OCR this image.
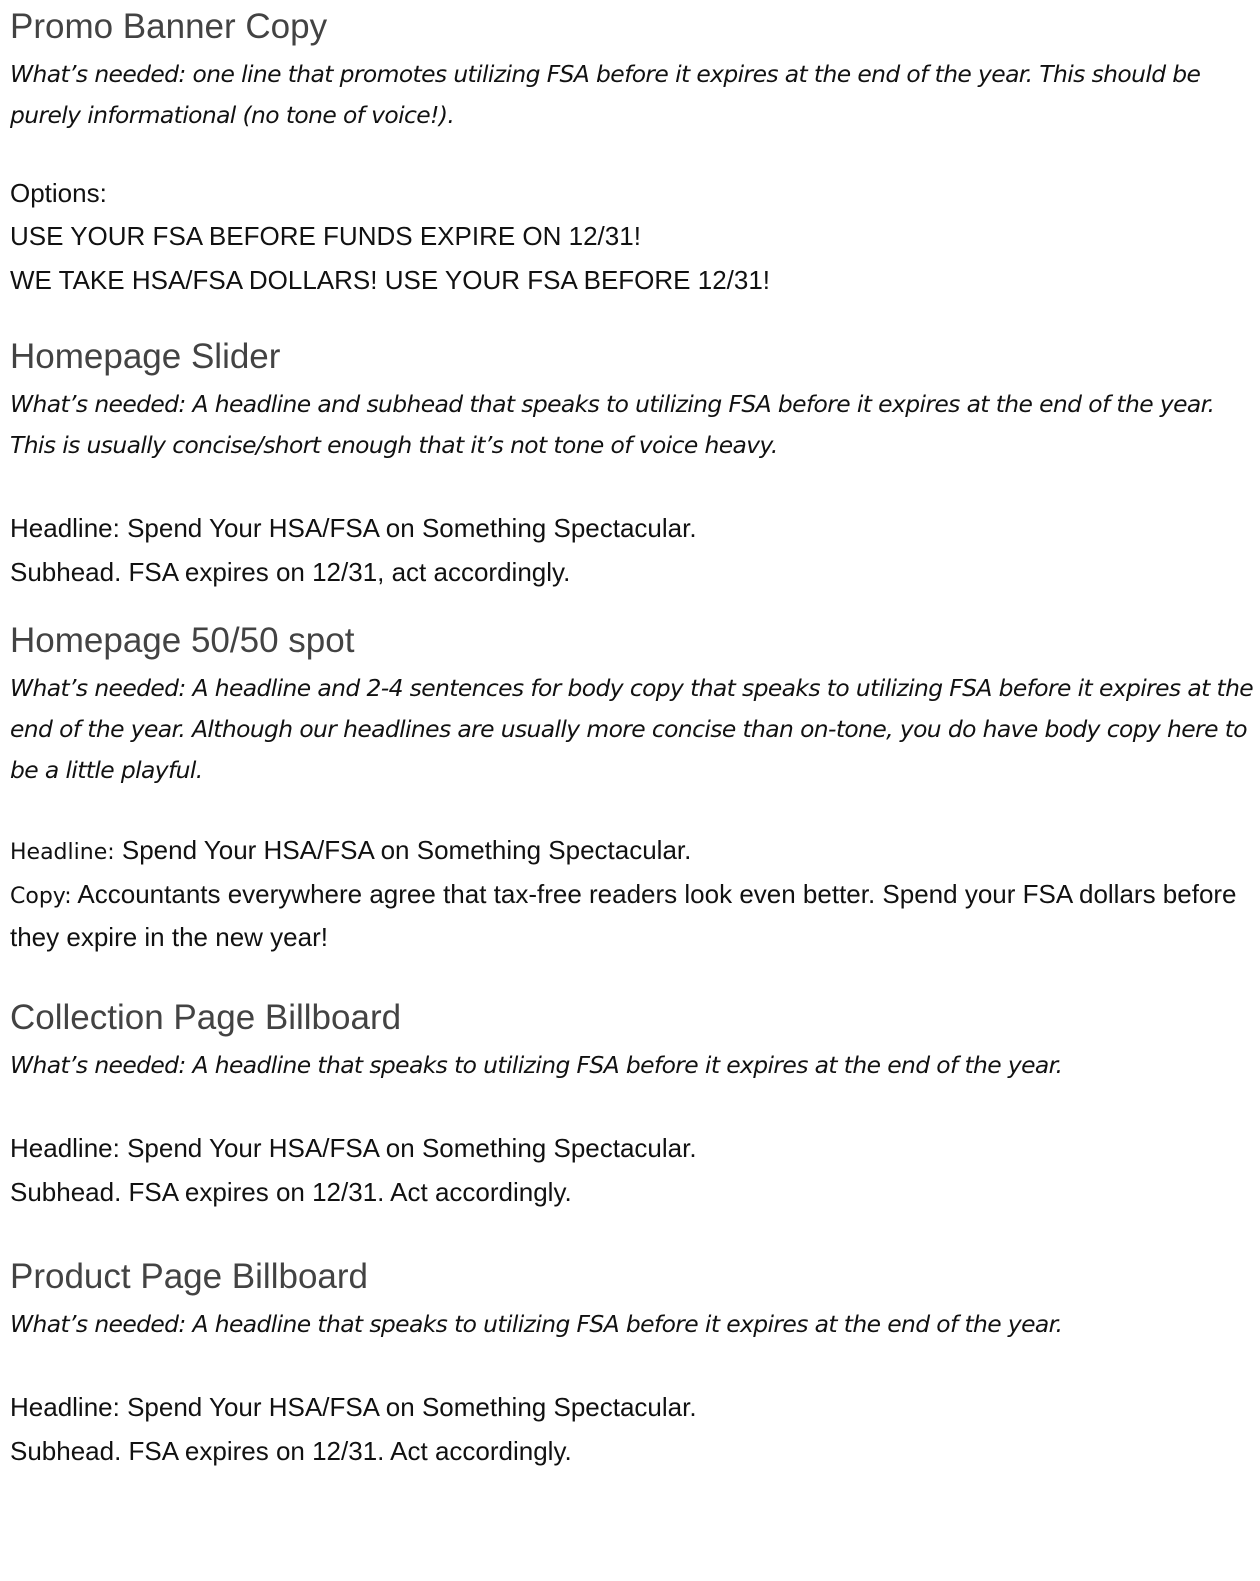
Promo Banner Copy

What’s needed: one line that promotes utilizing FSA before it expires at the end of the year. This should be purely informational (no tone of voice!).

Options:

USE YOUR FSA BEFORE FUNDS EXPIRE ON 12/31!

WE TAKE HSA/FSA DOLLARS! USE YOUR FSA BEFORE 12/31!

Homepage Slider

What’s needed: A headline and subhead that speaks to utilizing FSA before it expires at the end of the year. This is usually concise/short enough that it’s not tone of voice heavy.

Headline: Spend Your HSA/FSA on Something Spectacular.

Subhead. FSA expires on 12/31, act accordingly.

Homepage 50/50 spot

What’s needed: A headline and 2-4 sentences for body copy that speaks to utilizing FSA before it expires at the end of the year. Although our headlines are usually more concise than on-tone, you do have body copy here to be a little playful.

Headline: Spend Your HSA/FSA on Something Spectacular.

Copy: Accountants everywhere agree that tax-free readers look even better. Spend your FSA dollars before they expire in the new year!

Collection Page Billboard

What’s needed: A headline that speaks to utilizing FSA before it expires at the end of the year.

Headline: Spend Your HSA/FSA on Something Spectacular.

Subhead. FSA expires on 12/31. Act accordingly.

Product Page Billboard

What’s needed: A headline that speaks to utilizing FSA before it expires at the end of the year.

Headline: Spend Your HSA/FSA on Something Spectacular.

Subhead. FSA expires on 12/31. Act accordingly.
